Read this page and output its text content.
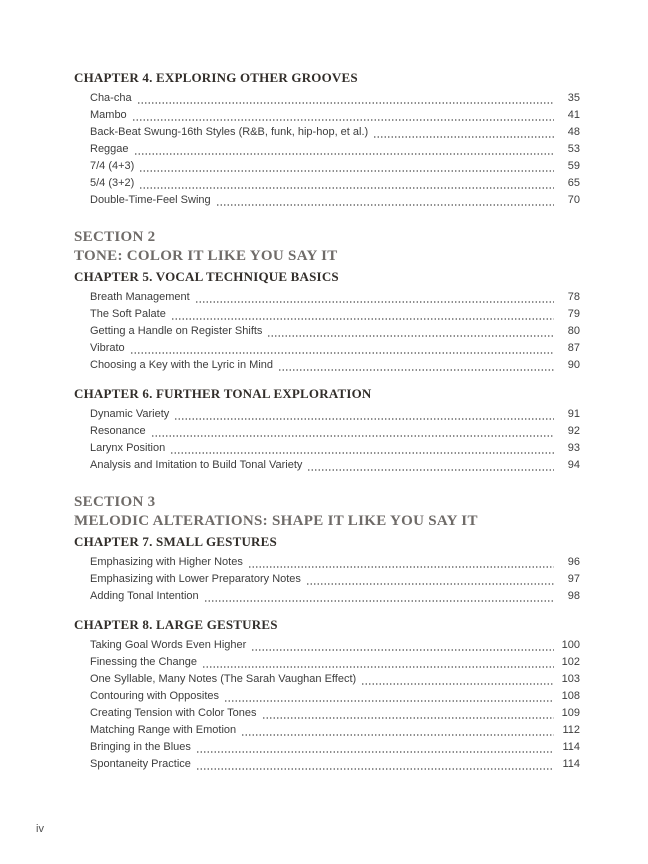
CHAPTER 4. EXPLORING OTHER GROOVES
Cha-cha	35
Mambo	41
Back-Beat Swung-16th Styles (R&B, funk, hip-hop, et al.)	48
Reggae	53
7/4 (4+3)	59
5/4 (3+2)	65
Double-Time-Feel Swing	70
SECTION 2
TONE: COLOR IT LIKE YOU SAY IT
CHAPTER 5. VOCAL TECHNIQUE BASICS
Breath Management	78
The Soft Palate	79
Getting a Handle on Register Shifts	80
Vibrato	87
Choosing a Key with the Lyric in Mind	90
CHAPTER 6. FURTHER TONAL EXPLORATION
Dynamic Variety	91
Resonance	92
Larynx Position	93
Analysis and Imitation to Build Tonal Variety	94
SECTION 3
MELODIC ALTERATIONS: SHAPE IT LIKE YOU SAY IT
CHAPTER 7. SMALL GESTURES
Emphasizing with Higher Notes	96
Emphasizing with Lower Preparatory Notes	97
Adding Tonal Intention	98
CHAPTER 8. LARGE GESTURES
Taking Goal Words Even Higher	100
Finessing the Change	102
One Syllable, Many Notes (The Sarah Vaughan Effect)	103
Contouring with Opposites	108
Creating Tension with Color Tones	109
Matching Range with Emotion	112
Bringing in the Blues	114
Spontaneity Practice	114
iv
